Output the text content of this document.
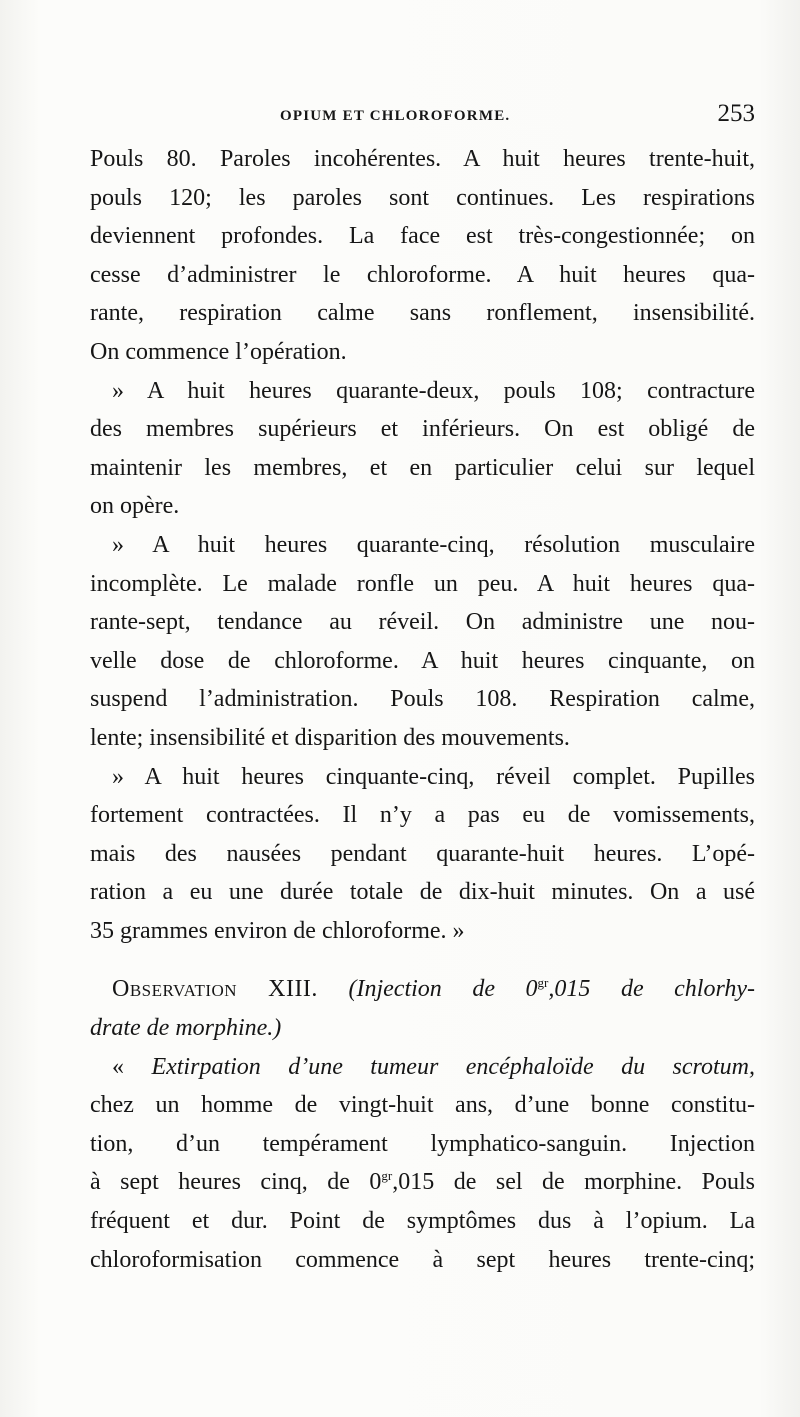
OPIUM ET CHLOROFORME.	253
Pouls 80. Paroles incohérentes. A huit heures trente-huit,
pouls 120; les paroles sont continues. Les respirations
deviennent profondes. La face est très-congestionnée; on
cesse d’administrer le chloroforme. A huit heures qua-
rante, respiration calme sans ronflement, insensibilité.
On commence l’opération.
» A huit heures quarante-deux, pouls 108; contracture
des membres supérieurs et inférieurs. On est obligé de
maintenir les membres, et en particulier celui sur lequel
on opère.
» A huit heures quarante-cinq, résolution musculaire
incomplète. Le malade ronfle un peu. A huit heures qua-
rante-sept, tendance au réveil. On administre une nou-
velle dose de chloroforme. A huit heures cinquante, on
suspend l’administration. Pouls 108. Respiration calme,
lente; insensibilité et disparition des mouvements.
» A huit heures cinquante-cinq, réveil complet. Pupilles
fortement contractées. Il n’y a pas eu de vomissements,
mais des nausées pendant quarante-huit heures. L’opé-
ration a eu une durée totale de dix-huit minutes. On a usé
35 grammes environ de chloroforme. »
Observation XIII. (Injection de $0^{gr},015$ de chlorhy-
drate de morphine.)
« Extirpation d’une tumeur encéphaloïde du scrotum,
chez un homme de vingt-huit ans, d’une bonne constitu-
tion, d’un tempérament lymphatico-sanguin. Injection
à sept heures cinq, de $0^{gr},015$ de sel de morphine. Pouls
fréquent et dur. Point de symptômes dus à l’opium. La
chloroformisation commence à sept heures trente-cinq;
